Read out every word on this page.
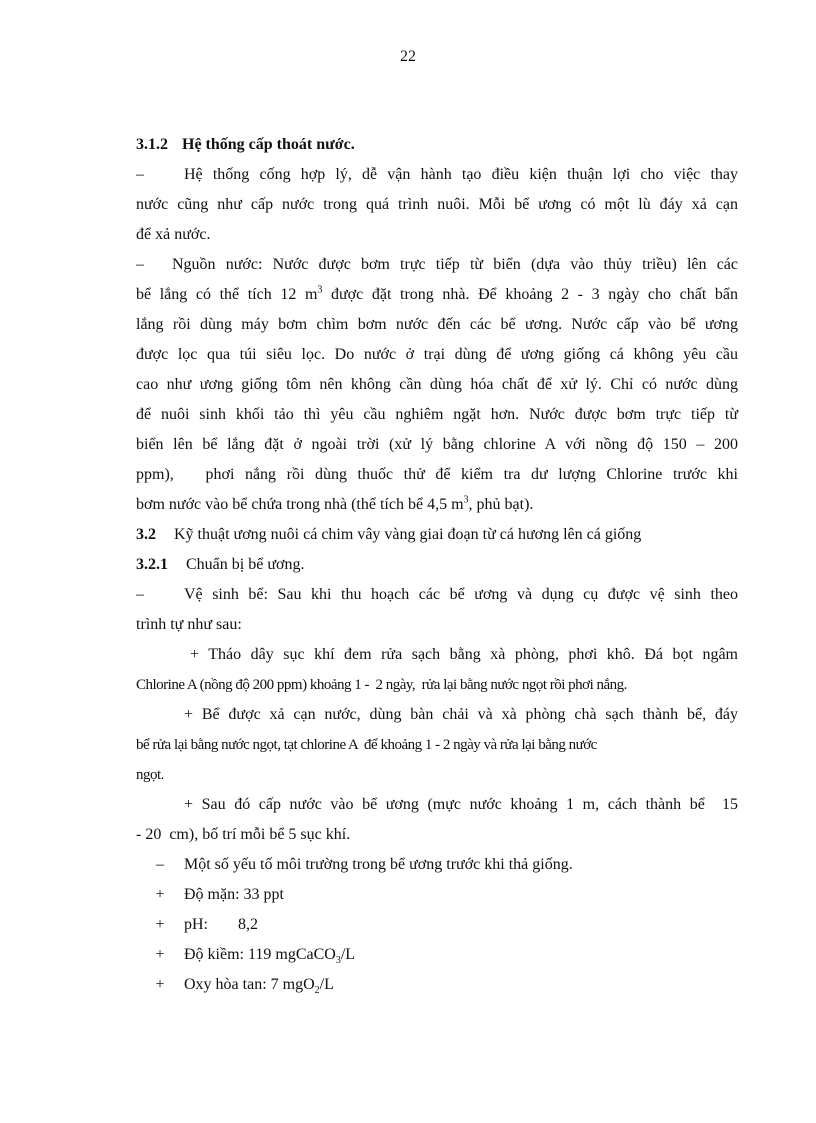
22
3.1.2 Hệ thống cấp thoát nước.
–	Hệ thống cống hợp lý, dễ vận hành tạo điều kiện thuận lợi cho việc thay
nước cũng như cấp nước trong quá trình nuôi. Mỗi bể ương có một lù đáy xả cạn
để xả nước.
– Nguồn nước: Nước được bơm trực tiếp từ biển (dựa vào thủy triều) lên các
bể lắng có thể tích 12 $m^3$ được đặt trong nhà. Để khoảng 2 - 3 ngày cho chất bẩn
lắng rồi dùng máy bơm chìm bơm nước đến các bể ương. Nước cấp vào bể ương
được lọc qua túi siêu lọc. Do nước ở trại dùng để ương giống cá không yêu cầu
cao như ương giống tôm nên không cần dùng hóa chất để xử lý. Chỉ có nước dùng
để nuôi sinh khối tảo thì yêu cầu nghiêm ngặt hơn. Nước được bơm trực tiếp từ
biển lên bể lắng đặt ở ngoài trời (xử lý bằng chlorine A với nồng độ 150 – 200
ppm),   phơi nắng rồi dùng thuốc thử để kiểm tra dư lượng Chlorine trước khi
bơm nước vào bể chứa trong nhà (thể tích bể 4,5 $m^3$, phủ bạt).
3.2 Kỹ thuật ương nuôi cá chim vây vàng giai đoạn từ cá hương lên cá giống
3.2.1 Chuẩn bị bể ương.
–	Vệ sinh bể: Sau khi thu hoạch các bể ương và dụng cụ được vệ sinh theo
trình tự như sau:
+ Tháo dây sục khí đem rửa sạch bằng xà phòng, phơi khô. Đá bọt ngâm
Chlorine A (nồng độ 200 ppm) khoảng 1 -  2 ngày,  rửa lại bằng nước ngọt rồi phơi nắng.
+ Bể được xả cạn nước, dùng bàn chải và xà phòng chà sạch thành bể, đáy
bể rửa lại bằng nước ngọt, tạt chlorine A  để khoảng 1 - 2 ngày và rửa lại bằng nước
ngọt.
+ Sau đó cấp nước vào bể ương (mực nước khoảng 1 m, cách thành bể  15
- 20  cm), bố trí mỗi bể 5 sục khí.
– Một số yếu tố môi trường trong bể ương trước khi thả giống.
+ Độ mặn: 33 ppt
+ pH: 8,2
+ Độ kiềm: 119 mgCaCO$_3$/L
+ Oxy hòa tan: 7 mgO$_2$/L
